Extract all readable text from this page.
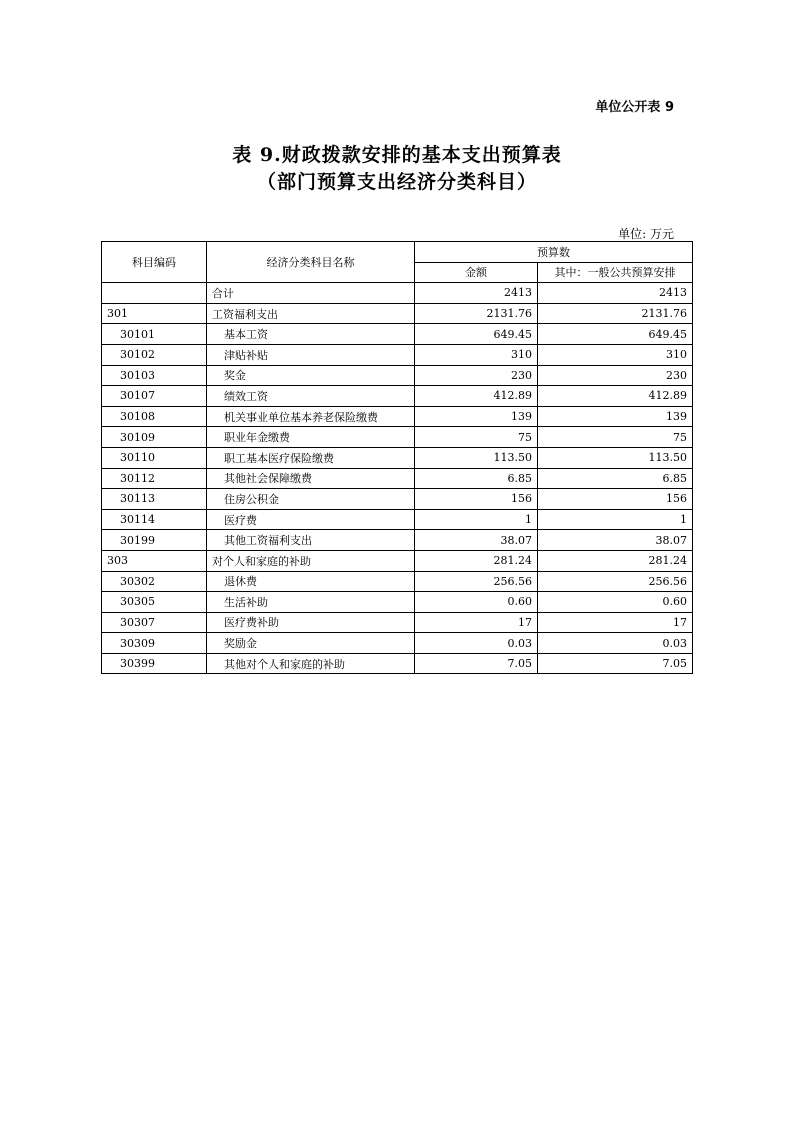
单位公开表 9
表 9.财政拨款安排的基本支出预算表
（部门预算支出经济分类科目）
单位: 万元
科目编码	经济分类科目名称	预算数	
		金额	其中：一般公共预算安排
	合计	2413	2413
301	工资福利支出	2131.76	2131.76
30101	基本工资	649.45	649.45
30102	津贴补贴	310	310
30103	奖金	230	230
30107	绩效工资	412.89	412.89
30108	机关事业单位基本养老保险缴费	139	139
30109	职业年金缴费	75	75
30110	职工基本医疗保险缴费	113.50	113.50
30112	其他社会保障缴费	6.85	6.85
30113	住房公积金	156	156
30114	医疗费	1	1
30199	其他工资福利支出	38.07	38.07
303	对个人和家庭的补助	281.24	281.24
30302	退休费	256.56	256.56
30305	生活补助	0.60	0.60
30307	医疗费补助	17	17
30309	奖励金	0.03	0.03
30399	其他对个人和家庭的补助	7.05	7.05
